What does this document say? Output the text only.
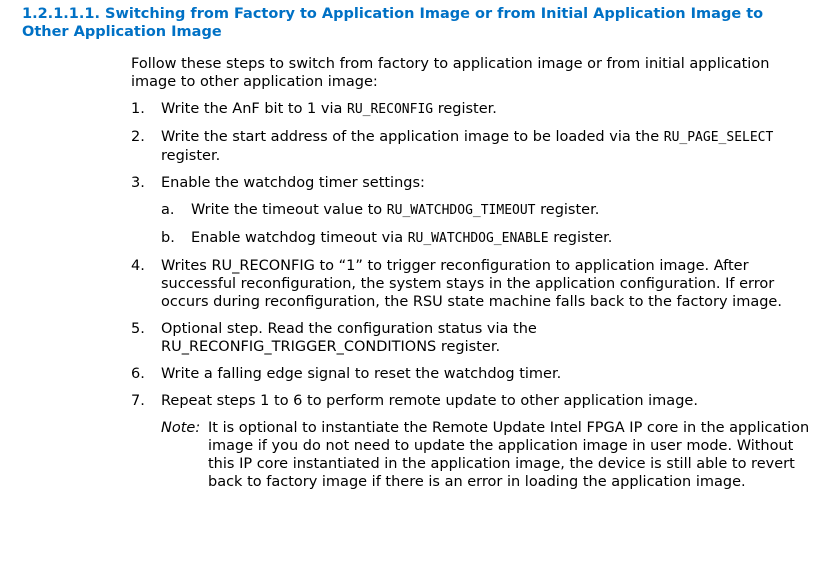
1.2.1.1.1. Switching from Factory to Application Image or from Initial Application Image to Other Application Image

Follow these steps to switch from factory to application image or from initial application image to other application image:

1.	Write the AnF bit to 1 via RU_RECONFIG register.
2.	Write the start address of the application image to be loaded via the RU_PAGE_SELECT register.
3.	Enable the watchdog timer settings:
a.	Write the timeout value to RU_WATCHDOG_TIMEOUT register.
b.	Enable watchdog timeout via RU_WATCHDOG_ENABLE register.
4.	Writes RU_RECONFIG to “1” to trigger reconfiguration to application image. After successful reconfiguration, the system stays in the application configuration. If error occurs during reconfiguration, the RSU state machine falls back to the factory image.
5.	Optional step. Read the configuration status via the RU_RECONFIG_TRIGGER_CONDITIONS register.
6.	Write a falling edge signal to reset the watchdog timer.
7.	Repeat steps 1 to 6 to perform remote update to other application image.

Note: It is optional to instantiate the Remote Update Intel FPGA IP core in the application image if you do not need to update the application image in user mode. Without this IP core instantiated in the application image, the device is still able to revert back to factory image if there is an error in loading the application image.
